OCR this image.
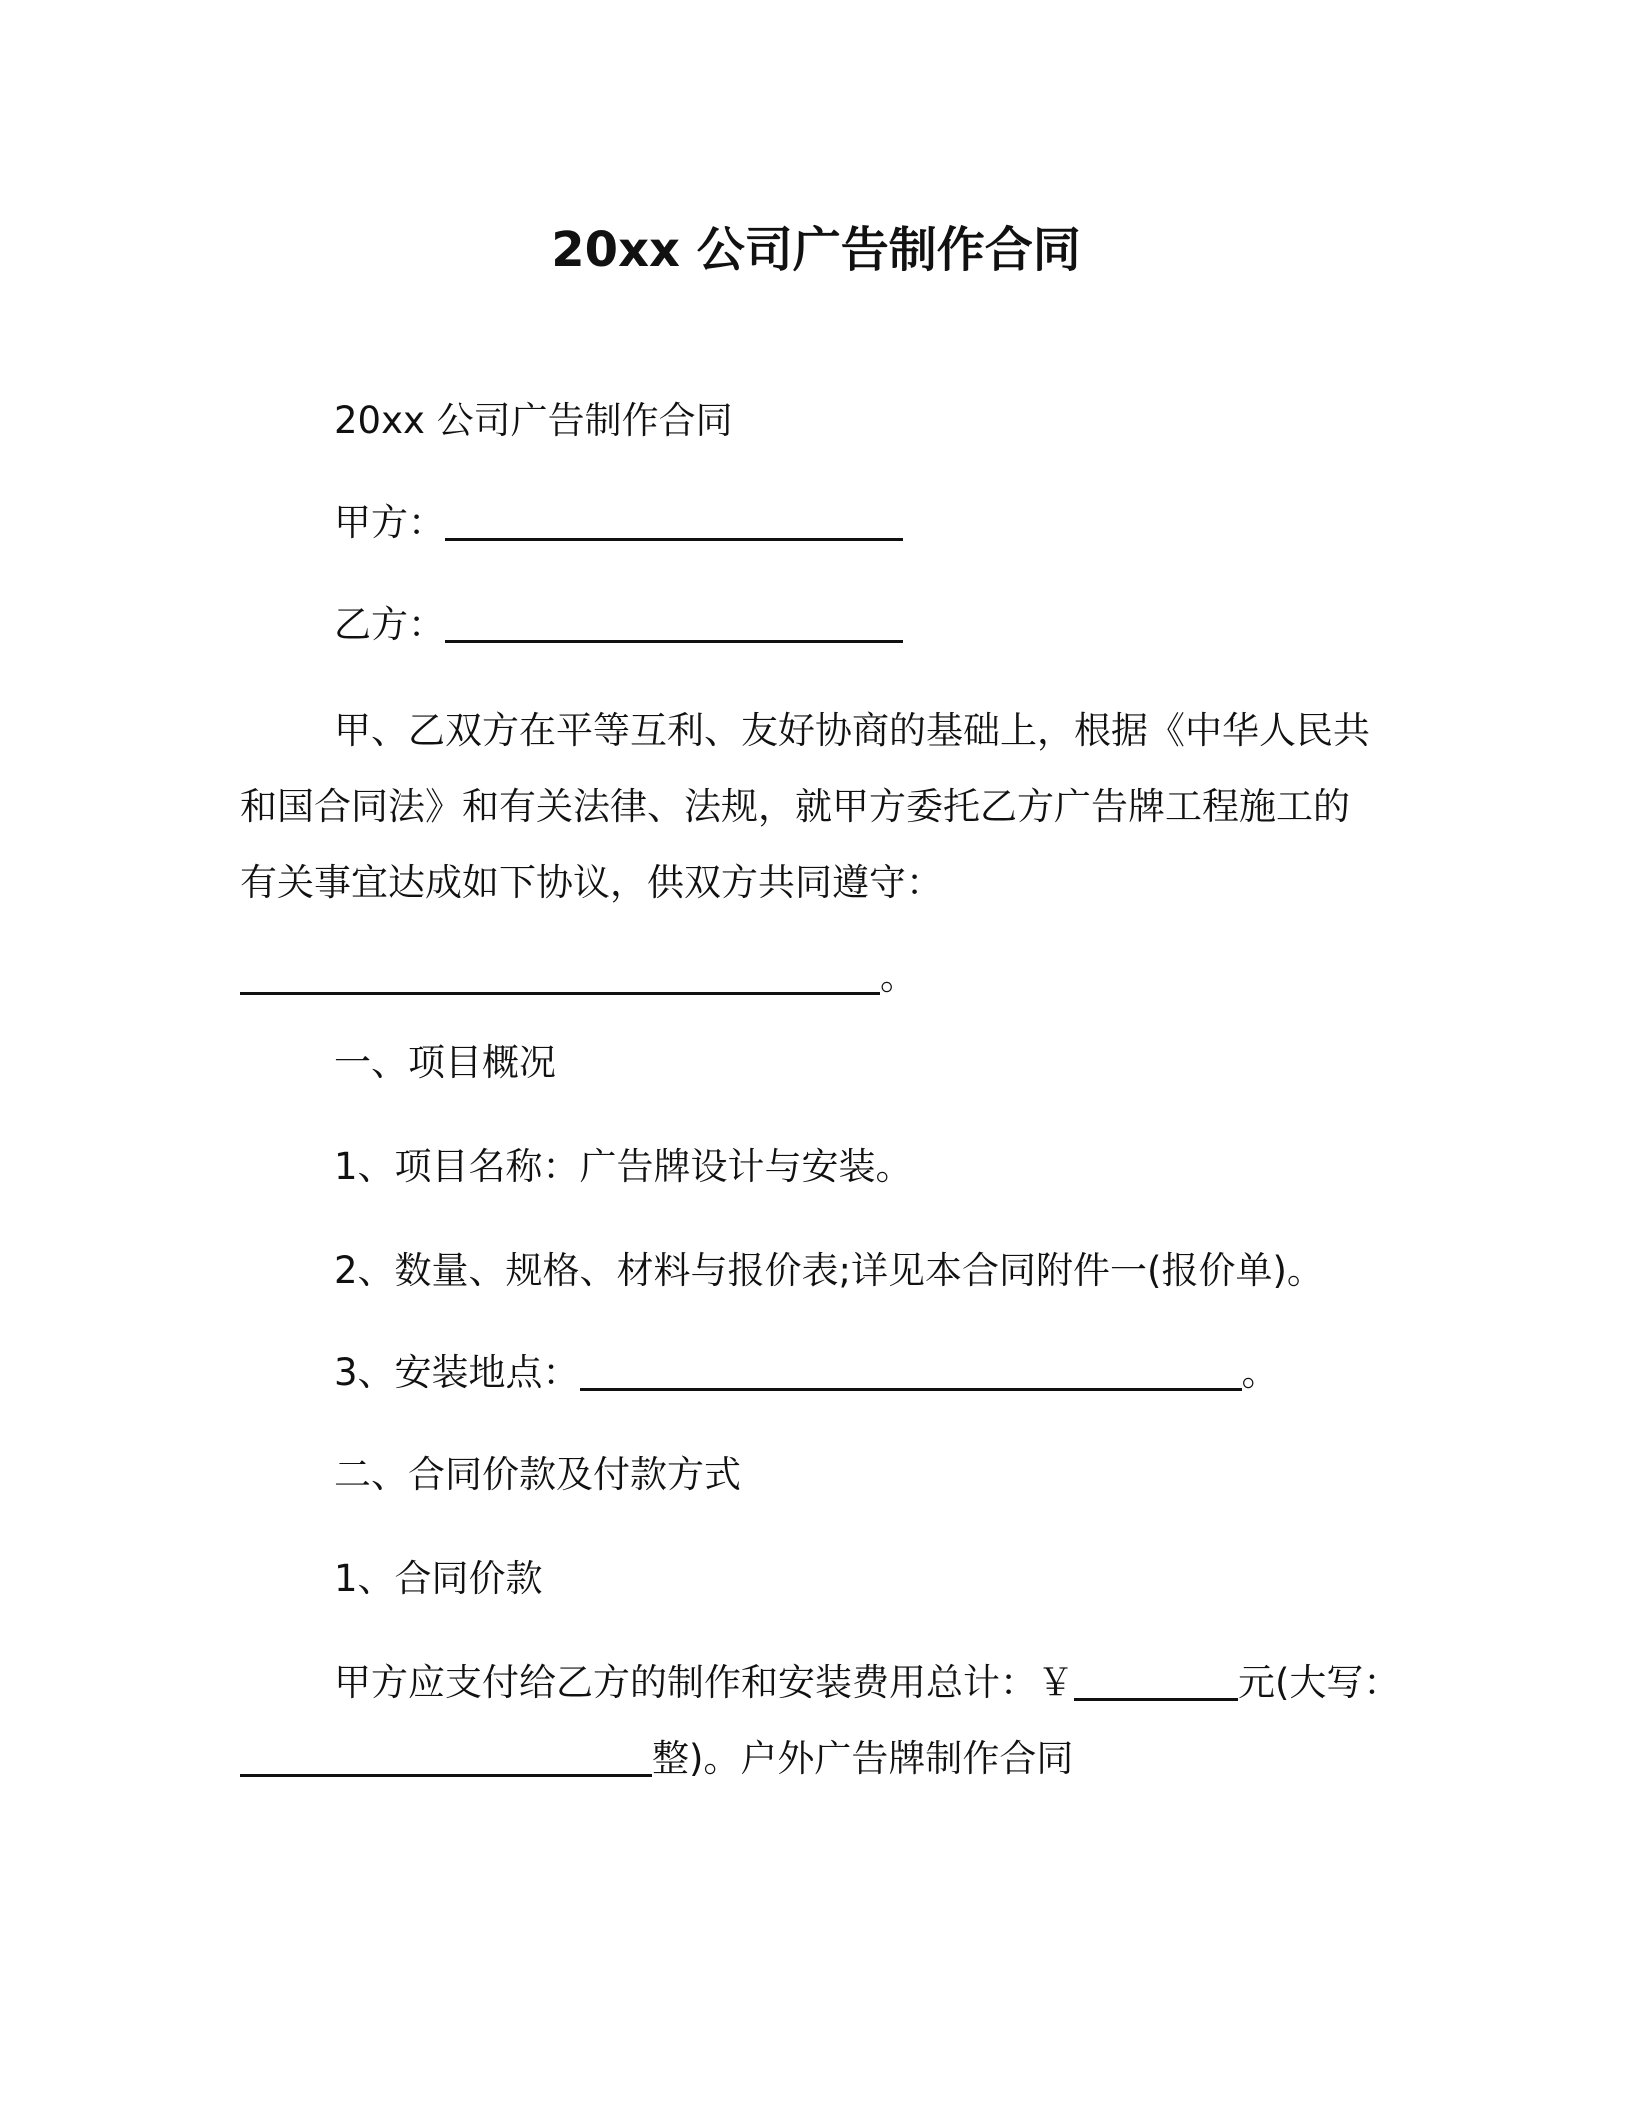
20xx 公司广告制作合同
20xx 公司广告制作合同
甲方：
乙方：
甲、乙双方在平等互利、友好协商的基础上，根据《中华人民共
和国合同法》和有关法律、法规，就甲方委托乙方广告牌工程施工的
有关事宜达成如下协议，供双方共同遵守：
。
一、项目概况
1、项目名称：广告牌设计与安装。
2、数量、规格、材料与报价表;详见本合同附件一(报价单)。
3、安装地点：	。
二、合同价款及付款方式
1、合同价款
甲方应支付给乙方的制作和安装费用总计：￥	元(大写：
整)。户外广告牌制作合同
